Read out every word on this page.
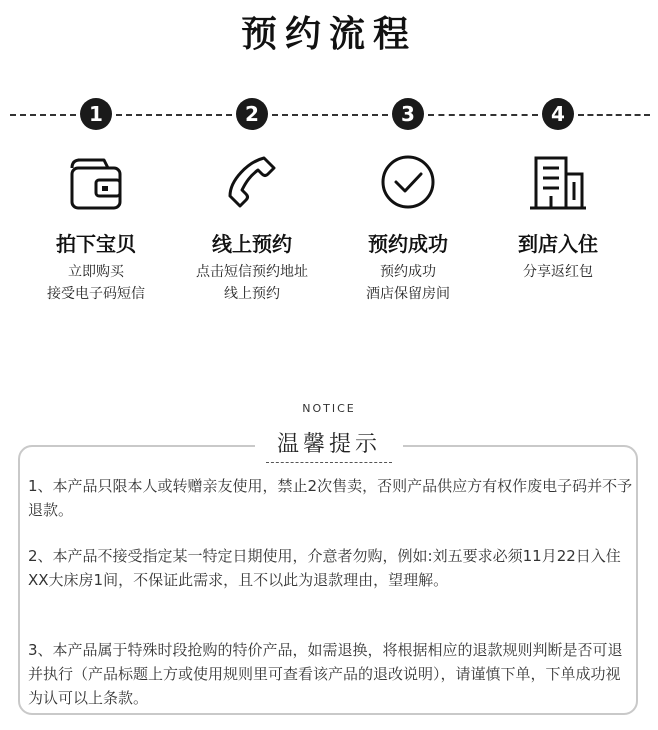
预约流程
1	2	3	4
拍下宝贝
立即购买
接受电子码短信
线上预约
点击短信预约地址
线上预约
预约成功
预约成功
酒店保留房间
到店入住
分享返红包
NOTICE
温馨提示
1、本产品只限本人或转赠亲友使用，禁止2次售卖，否则产品供应方有权作废电子码并不予退款。
2、本产品不接受指定某一特定日期使用，介意者勿购，例如:刘五要求必须11月22日入住XX大床房1间，不保证此需求，且不以此为退款理由，望理解。
3、本产品属于特殊时段抢购的特价产品，如需退换，将根据相应的退款规则判断是否可退并执行（产品标题上方或使用规则里可查看该产品的退改说明），请谨慎下单，下单成功视为认可以上条款。
